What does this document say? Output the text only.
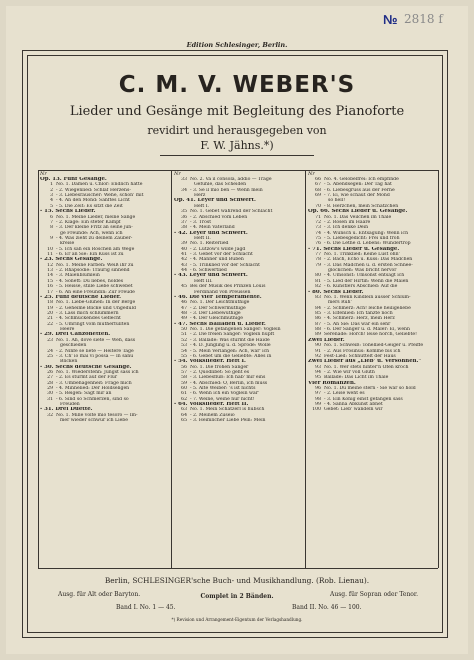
№ 2818 f
Edition Schlesinger, Berlin.
C. M. V. WEBER'S
Lieder und Gesänge mit Begleitung des Pianoforte
revidirt und herausgegeben von
F. W. Jähns.*)
Nr
Op. 13. Fünf Gesänge.
1 No. 1. Damen u. Chlor: Endlich hatte
2 - 2. Wiegenlied: Schlaf Herzens-
3 - 3. Liebesrauscher: Wehe, schon' mit
4 - 4. An den Mond: Sanftes Licht
5 - 5. Die Zeit: Es sitzt die Zeit
- 15. Sechs Lieder.
6 No. 1. Meine Lieder, meine Sänge
7 - 2. Klage: Ein steter Kampf
8 - 3. Der kleine Fritz an seine jun-
ge Freunde: Ach, wenn ich
9 - 4. Was zieht zu deinem Zauber-
kreise
10 - 5. Ich sah ein Röschen am Wege
11 - 6. Er an Sie: Ein Kuss ist zu
- 23. Sechs Gesänge.
12 No. 1. Meine Farben: Weiß ihr zu
13 - 2. Rhapsodie: Traurig sinnend
14 - 3. Maienblümlein
15 - 4. Sonett: Du liebes, holdes
16 - 5. Heisse, stille Liebe schwebet
17 - 6. An eine Freundin: Zur Freude
- 25. Fünf deutsche Lieder.
18 No. 1. Liebe-Glühen: In der Berge
19 - 2. Geheime Blicke und Ungeduld
20 - 3. Lass mich schlummern
21 - 4. Schmückendes Geflecht
22 - 5. Umringt vom mutherfüllten
Heere
- 29. Drei Canzonetten.
23 No. 1. Ah, dove siete — Weh, dass
geschieden
24 - 2. Ninfe se liete — Heitere Tage
25 - 3. Ch' io mai vi possa — In sanu
Blicken
- 30. Sechs deutsche Gesänge.
26 No. 1. Wiederstehn: Jüngst sass ich
27 - 2. Es stürmt auf der Flur
28 - 3. Umbehagenheit: Frage mich
29 - 4. Minnelied: Der Holdseligen
30 - 5. Reigen: Sagt mir an
31 - 6. Sind so Schmerzen, sind so
Freuden
- 31. Drei Duette.
32 No. 1. Mille volte mio tesoro — Im-
mer wieder schwur ich Liebe
Nr
33 No. 2. Va il consola, addio — Trage
Gefühle, das Scheiden
34 - 3. Se il mio ben — Wenn mein
Herz
Op. 41. Leyer und Schwert.
Heft I.
35 No. 1. Gebet während der Schlacht
36 - 2. Abschied vom Leben
37 - 3. Trost
38 - 4. Mein Vaterland
- 42. Leyer und Schwert.
Heft II.
39 No. 1. Reiterlied
40 - 2. Lützow's wilde Jagd
41 - 3. Gebet vor der Schlacht
42 - 4. Männer und Buben
43 - 5. Trinklied vor der Schlacht
44 - 6. Schwertlied
- 43. Leyer und Schwert.
Heft III.
45 Bei der Musik des Prinzen Louis
Ferdinand von Preussen
- 46. Die vier Temperamente.
46 No. 1. Der Leichtmüthige
47 - 2. Der Schwermüthige
48 - 3. Der Liebewüthige
49 - 4. Der Gleichmüthige
- 47. Sechs Balladen u. Lieder.
50 No. 1. Die gefangenen Sänger: Vöglein
51 - 2. Die freien Sänger: Vöglein hüpft
52 - 3. Ballade: Was stürmt die Haide
53 - 4. D. Jüngling u. d. Spröde: Wolle
54 - 5. Mein Verlangen: Ach, wär' ich
55 - 6. Gebet um die Geliebte: Alles in
- 54. Volkslieder. Heft I.
56 No. 1. Die frohen Sänger
57 - 2. Quodlibet: So geht es
58 - 3. Liebesfluß: Ich hab' mir eins
59 - 4. Abschied: O, Berlin, ich muss
60 - 5. Alte Weiber: 's ist nichts
61 - 6. Wenn ich ein Vöglein wär'
62 - 7. Weine, weine nur nicht!
- 64. Volkslieder. Heft II.
63 No. 1. Mein Schatzerl is hübsch
64 - 2. Meinem Zuseio
65 - 3. Heimlicher Liebe Pein: Mein
Nr
66 No. 4. Gelöbelfrei: Ich empfinde
67 - 5. Abendsegen: Der Tag hat
68 - 6. Liebesgruss aus der Ferne
69 - 7. Ei, wie schaut der Mond
so hell!
70 - 8. Herzchen, mein Schätzchen
Op. 66. Sechs Lieder u. Gesänge.
71 No. 1. Das Veilchen im Thale
72 - 2. Rosen im Haare
73 - 3. Ich denke Dein
74 - 4. Wunsch u. Entsagung: Wenn ich
75 - 5. Liebesgedicht: Frei und froh
76 - 6. Die Lethe d. Lebens: Wundertröp
- 71. Sechs Lieder u. Gesänge.
77 No. 1. Trinklied: Keine Lust ohn'
78 - 2. Bach, Echo u. Kuss: Das Mädchen
79 - 3. Das Mädchen u. d. ersten Schnee-
glöckchen: Was bricht hervor
80 - 4. Umsonst: Umsonst entsagt ich
81 - 5. Lied der Hirtin: Wenn die Maien
82 - 6. Künstlers Abschied: Auf die
- 80. Sechs Lieder.
83 No. 1. Wenn Kindlein ausser Schlum-
mers Ruh'
84 - 2. Schmerz: Ach! leiche heiligeliebe
85 - 3. Elfenlied: Ich tanzte noch
86 - 4. Schmerz: Herz, mein Herz
87 - 5. An Sie: Das war ein sehr
88 - 6. Der Sänger u. d. Maler: Ei, wenn
89 Serenade: Horch! leise horch, Geliebte!
Zwei Lieder.
90 No. 1. Schweiß: Tonellied-Geiger u. Pfeiffe
91 - 2. Aus Frosinus: Komme bis ich
92 Fest-Lied: Schnüttelt der Haus
Zwei Lieder aus „Lieb' u. Versöhnen."
93 No. 1. Wer stets hinter'n Ofen kroch
94 - 2. Wie wir voll Gluth
95 Ballade: Das Licht im Thale
Vier Romanzen.
96 No. 1. Du meine stern - Sie war so hold
97 - 2. Leise weht es
98 - 3. Ein König einst gefangen sass
99 - 4. Sanna Abkunst abnet
100 Gebet: Lieb' wandeln wir
Berlin, SCHLESINGER'sche Buch- und Musikhandlung. (Rob. Lienau).
Ausg. für Alt oder Baryton.	Complet in 2 Bänden.	Ausg. für Sopran oder Tenor.
Band I. No. 1 — 45.	Band II. No. 46 — 100.
*) Revision und Arrangement-Eigentum der Verlagshandlung.
